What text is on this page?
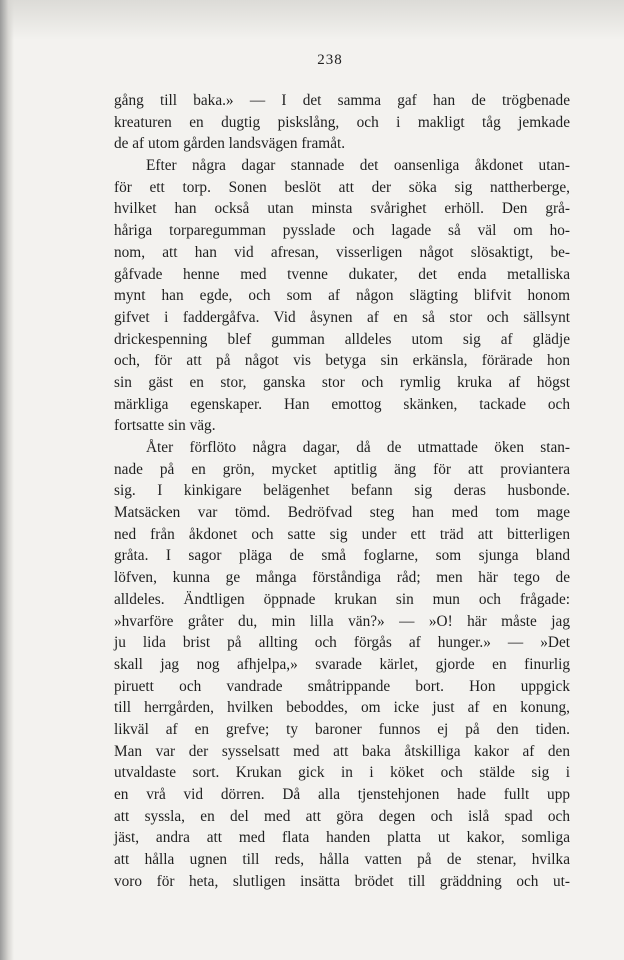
238
gång till baka.» — I det samma gaf han de trögbenade
kreaturen en dugtig piskslång, och i makligt tåg jemkade
de af utom gården landsvägen framåt.
Efter några dagar stannade det oansenliga åkdonet utan-
för ett torp. Sonen beslöt att der söka sig nattherberge,
hvilket han också utan minsta svårighet erhöll. Den grå-
håriga torparegumman pysslade och lagade så väl om ho-
nom, att han vid afresan, visserligen något slösaktigt, be-
gåfvade henne med tvenne dukater, det enda metalliska
mynt han egde, och som af någon slägting blifvit honom
gifvet i faddergåfva. Vid åsynen af en så stor och sällsynt
drickespenning blef gumman alldeles utom sig af glädje
och, för att på något vis betyga sin erkänsla, förärade hon
sin gäst en stor, ganska stor och rymlig kruka af högst
märkliga egenskaper. Han emottog skänken, tackade och
fortsatte sin väg.
Åter förflöto några dagar, då de utmattade öken stan-
nade på en grön, mycket aptitlig äng för att proviantera
sig. I kinkigare belägenhet befann sig deras husbonde.
Matsäcken var tömd. Bedröfvad steg han med tom mage
ned från åkdonet och satte sig under ett träd att bitterligen
gråta. I sagor pläga de små foglarne, som sjunga bland
löfven, kunna ge många förståndiga råd; men här tego de
alldeles. Ändtligen öppnade krukan sin mun och frågade:
»hvarföre gråter du, min lilla vän?» — »O! här måste jag
ju lida brist på allting och förgås af hunger.» — »Det
skall jag nog afhjelpa,» svarade kärlet, gjorde en finurlig
piruett och vandrade småtrippande bort. Hon uppgick
till herrgården, hvilken beboddes, om icke just af en konung,
likväl af en grefve; ty baroner funnos ej på den tiden.
Man var der sysselsatt med att baka åtskilliga kakor af den
utvaldaste sort. Krukan gick in i köket och stälde sig i
en vrå vid dörren. Då alla tjenstehjonen hade fullt upp
att syssla, en del med att göra degen och islå spad och
jäst, andra att med flata handen platta ut kakor, somliga
att hålla ugnen till reds, hålla vatten på de stenar, hvilka
voro för heta, slutligen insätta brödet till gräddning och ut-
